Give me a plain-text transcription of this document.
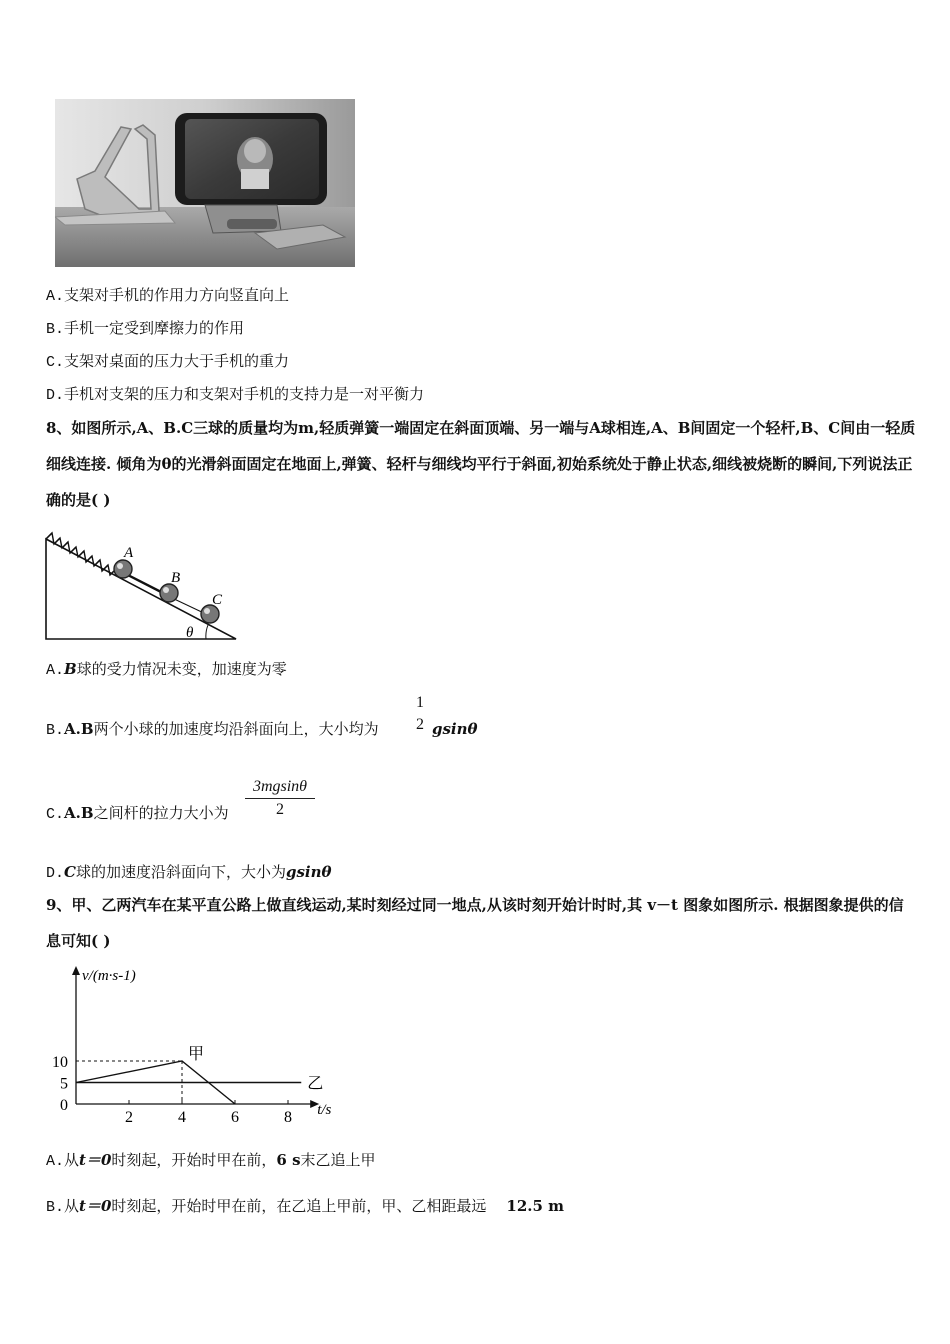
A.支架对手机的作用力方向竖直向上
B.手机一定受到摩擦力的作用
C.支架对桌面的压力大于手机的重力
D.手机对支架的压力和支架对手机的支持力是一对平衡力
8、如图所示,A、B.C三球的质量均为m,轻质弹簧一端固定在斜面顶端、另一端与A球相连,A、B间固定一个轻杆,B、C间由一轻质细线连接. 倾角为θ的光滑斜面固定在地面上,弹簧、轻杆与细线均平行于斜面,初始系统处于静止状态,细线被烧断的瞬间,下列说法正确的是( )
A
B
C
θ
A.B球的受力情况未变，加速度为零
B.A.B两个小球的加速度均沿斜面向上，大小均为
1
2 gsinθ
C.A.B之间杆的拉力大小为 $\frac{3mgsin\theta}{2}$
D.C球的加速度沿斜面向下，大小为gsinθ
9、甲、乙两汽车在某平直公路上做直线运动,某时刻经过同一地点,从该时刻开始计时时,其 v－t 图象如图所示. 根据图象提供的信息可知( )
v/(m·s-1)
t/s
2	4	6	8
10
5
0
甲
乙
A.从t＝0时刻起，开始时甲在前，6 s末乙追上甲
B.从t＝0时刻起，开始时甲在前，在乙追上甲前，甲、乙相距最远 12.5 m
